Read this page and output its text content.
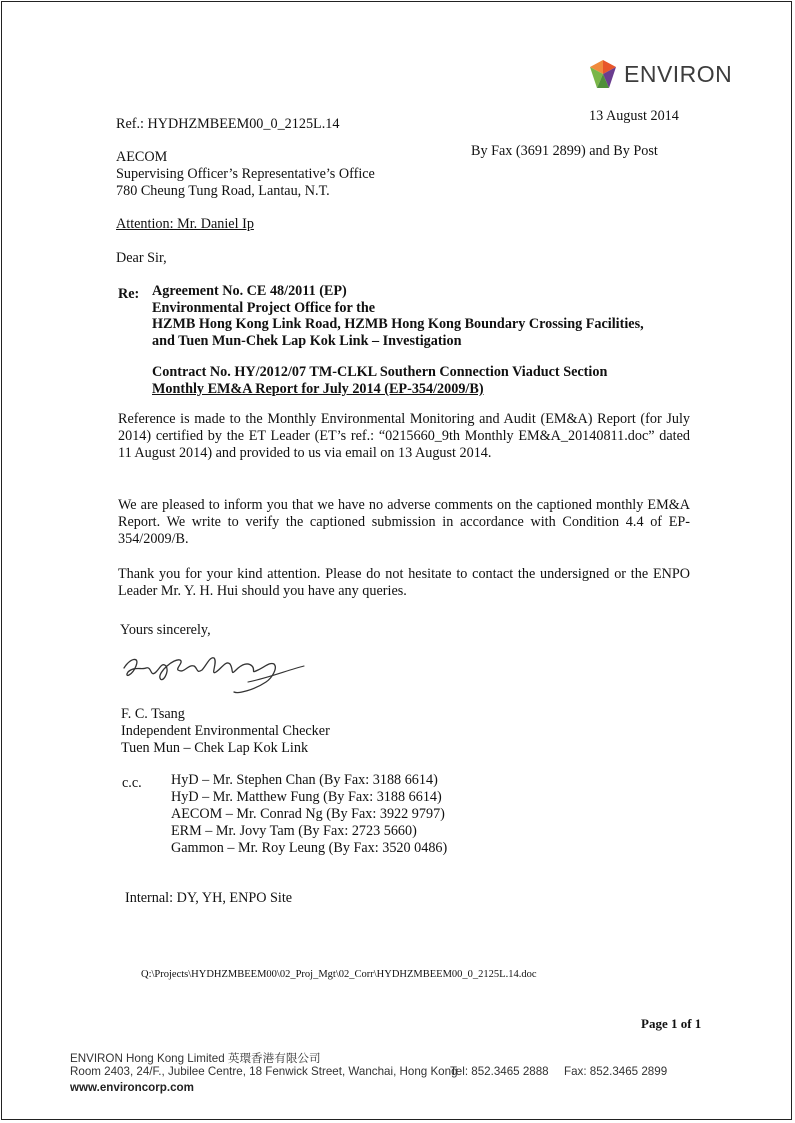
ENVIRON
Ref.: HYDHZMBEEM00_0_2125L.14	13 August 2014
By Fax (3691 2899) and By Post
AECOM
Supervising Officer’s Representative’s Office
780 Cheung Tung Road, Lantau, N.T.
Attention: Mr. Daniel Ip
Dear Sir,
Re: Agreement No. CE 48/2011 (EP)
Environmental Project Office for the
HZMB Hong Kong Link Road, HZMB Hong Kong Boundary Crossing Facilities,
and Tuen Mun-Chek Lap Kok Link – Investigation
Contract No. HY/2012/07 TM-CLKL Southern Connection Viaduct Section
Monthly EM&A Report for July 2014 (EP-354/2009/B)
Reference is made to the Monthly Environmental Monitoring and Audit (EM&A) Report (for July 2014) certified by the ET Leader (ET’s ref.: “0215660_9th Monthly EM&A_20140811.doc” dated 11 August 2014) and provided to us via email on 13 August 2014.
We are pleased to inform you that we have no adverse comments on the captioned monthly EM&A Report. We write to verify the captioned submission in accordance with Condition 4.4 of EP-354/2009/B.
Thank you for your kind attention. Please do not hesitate to contact the undersigned or the ENPO Leader Mr. Y. H. Hui should you have any queries.
Yours sincerely,
F. C. Tsang
Independent Environmental Checker
Tuen Mun – Chek Lap Kok Link
c.c. HyD – Mr. Stephen Chan (By Fax: 3188 6614)
HyD – Mr. Matthew Fung (By Fax: 3188 6614)
AECOM – Mr. Conrad Ng (By Fax: 3922 9797)
ERM – Mr. Jovy Tam (By Fax: 2723 5660)
Gammon – Mr. Roy Leung (By Fax: 3520 0486)
Internal: DY, YH, ENPO Site
Q:\Projects\HYDHZMBEEM00\02_Proj_Mgt\02_Corr\HYDHZMBEEM00_0_2125L.14.doc
Page 1 of 1
ENVIRON Hong Kong Limited 英環香港有限公司
Room 2403, 24/F., Jubilee Centre, 18 Fenwick Street, Wanchai, Hong Kong
Tel: 852.3465 2888 Fax: 852.3465 2899
www.environcorp.com
